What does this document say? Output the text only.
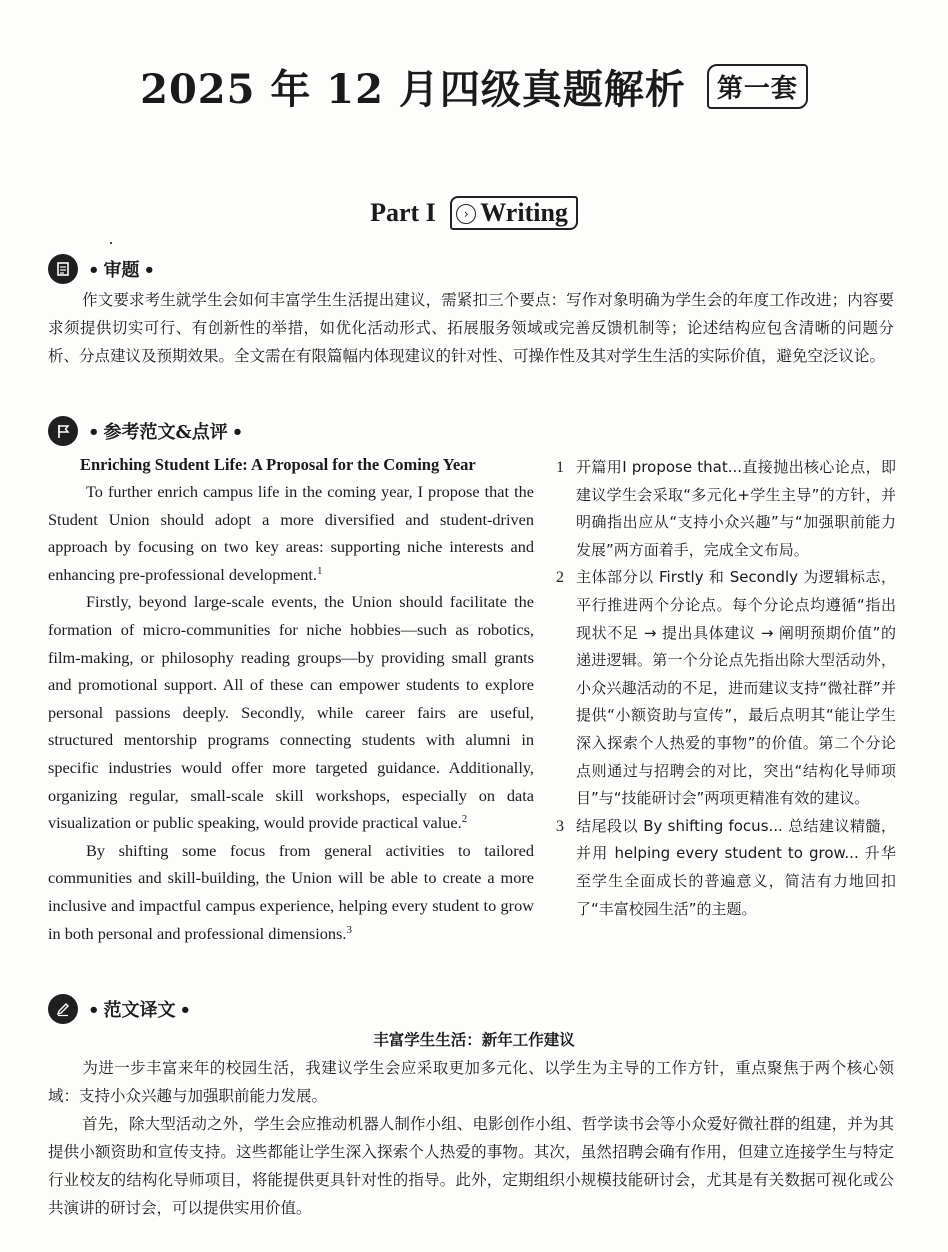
2025 年 12 月四级真题解析 第一套
Part I › Writing
• 审题 •

作文要求考生就学生会如何丰富学生生活提出建议，需紧扣三个要点：写作对象明确为学生会的年度工作改进；内容要求须提供切实可行、有创新性的举措，如优化活动形式、拓展服务领域或完善反馈机制等；论述结构应包含清晰的问题分析、分点建议及预期效果。全文需在有限篇幅内体现建议的针对性、可操作性及其对学生生活的实际价值，避免空泛议论。

• 参考范文&点评 •
Enriching Student Life: A Proposal for the Coming Year

To further enrich campus life in the coming year, I propose that the Student Union should adopt a more diversified and student-driven approach by focusing on two key areas: supporting niche interests and enhancing pre-professional development.$^1$

Firstly, beyond large-scale events, the Union should facilitate the formation of micro-communities for niche hobbies—such as robotics, film-making, or philosophy reading groups—by providing small grants and promotional support. All of these can empower students to explore personal passions deeply. Secondly, while career fairs are useful, structured mentorship programs connecting students with alumni in specific industries would offer more targeted guidance. Additionally, organizing regular, small-scale skill workshops, especially on data visualization or public speaking, would provide practical value.$^2$

By shifting some focus from general activities to tailored communities and skill-building, the Union will be able to create a more inclusive and impactful campus experience, helping every student to grow in both personal and professional dimensions.$^3$

1 开篇用I propose that...直接抛出核心论点，即建议学生会采取“多元化+学生主导”的方针，并明确指出应从“支持小众兴趣”与“加强职前能力发展”两方面着手，完成全文布局。
2 主体部分以 Firstly 和 Secondly 为逻辑标志，平行推进两个分论点。每个分论点均遵循“指出现状不足 → 提出具体建议 → 阐明预期价值”的递进逻辑。第一个分论点先指出除大型活动外，小众兴趣活动的不足，进而建议支持“微社群”并提供“小额资助与宣传”，最后点明其“能让学生深入探索个人热爱的事物”的价值。第二个分论点则通过与招聘会的对比，突出“结构化导师项目”与“技能研讨会”两项更精准有效的建议。
3 结尾段以 By shifting focus... 总结建议精髓，并用 helping every student to grow... 升华至学生全面成长的普遍意义，简洁有力地回扣了“丰富校园生活”的主题。
• 范文译文 •
丰富学生生活：新年工作建议

为进一步丰富来年的校园生活，我建议学生会应采取更加多元化、以学生为主导的工作方针，重点聚焦于两个核心领域：支持小众兴趣与加强职前能力发展。

首先，除大型活动之外，学生会应推动机器人制作小组、电影创作小组、哲学读书会等小众爱好微社群的组建，并为其提供小额资助和宣传支持。这些都能让学生深入探索个人热爱的事物。其次，虽然招聘会确有作用，但建立连接学生与特定行业校友的结构化导师项目，将能提供更具针对性的指导。此外，定期组织小规模技能研讨会，尤其是有关数据可视化或公共演讲的研讨会，可以提供实用价值。
